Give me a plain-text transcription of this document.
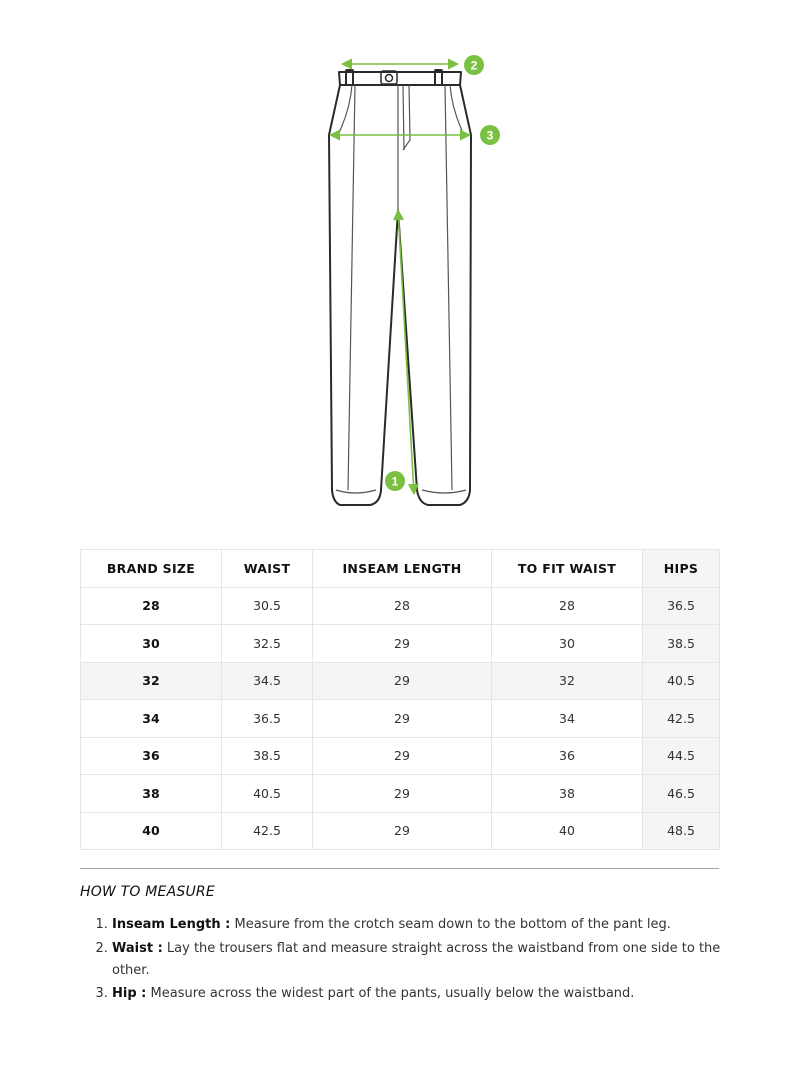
2
3
1
BRAND SIZE	WAIST	INSEAM LENGTH	TO FIT WAIST	HIPS
28	30.5	28	28	36.5
30	32.5	29	30	38.5
32	34.5	29	32	40.5
34	36.5	29	34	42.5
36	38.5	29	36	44.5
38	40.5	29	38	46.5
40	42.5	29	40	48.5
HOW TO MEASURE
1. Inseam Length : Measure from the crotch seam down to the bottom of the pant leg.
2. Waist : Lay the trousers flat and measure straight across the waistband from one side to the other.
3. Hip : Measure across the widest part of the pants, usually below the waistband.
